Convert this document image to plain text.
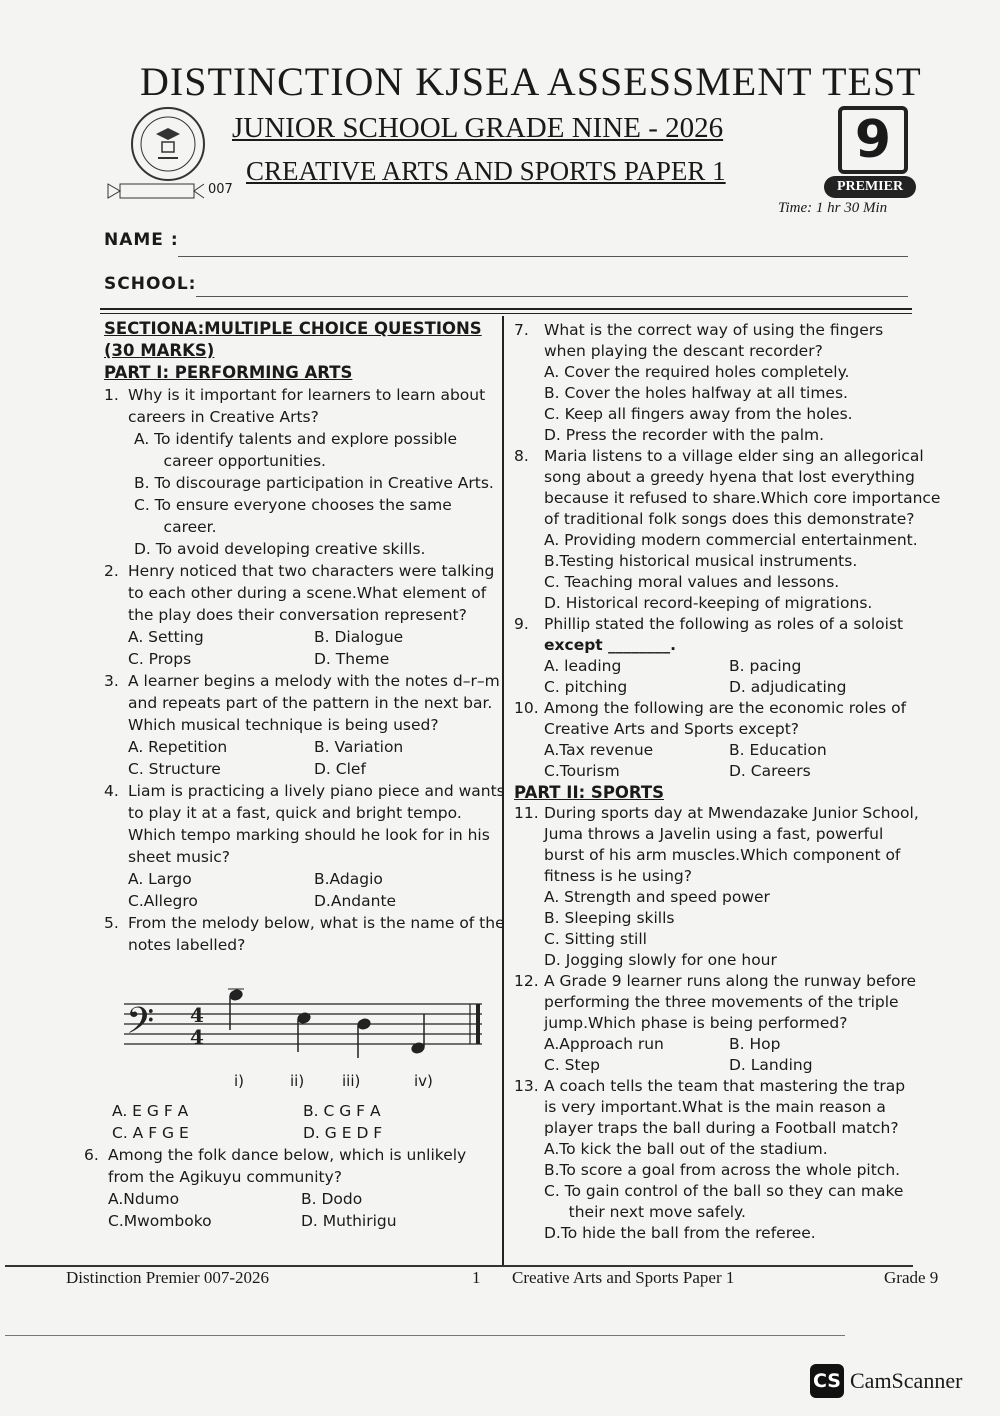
DISTINCTION KJSEA ASSESSMENT TEST
JUNIOR SCHOOL GRADE NINE - 2026
CREATIVE ARTS AND SPORTS PAPER 1
9
PREMIER
Time: 1 hr 30 Min
007
NAME :
SCHOOL:
SECTIONA:MULTIPLE CHOICE QUESTIONS
(30 MARKS)
PART I: PERFORMING ARTS
1. Why is it important for learners to learn about
careers in Creative Arts?
A. To identify talents and explore possible
career opportunities.
B. To discourage participation in Creative Arts.
C. To ensure everyone chooses the same
career.
D. To avoid developing creative skills.
2. Henry noticed that two characters were talking
to each other during a scene.What element of
the play does their conversation represent?
A. Setting	B. Dialogue
C. Props	D. Theme
3. A learner begins a melody with the notes d–r–m
and repeats part of the pattern in the next bar.
Which musical technique is being used?
A. Repetition	B. Variation
C. Structure	D. Clef
4. Liam is practicing a lively piano piece and wants
to play it at a fast, quick and bright tempo.
Which tempo marking should he look for in his
sheet music?
A. Largo	B.Adagio
C.Allegro	D.Andante
5. From the melody below, what is the name of the
notes labelled?
𝄢 4
4
i)	ii)	iii)	iv)
A. E G F A	B. C G F A
C. A F G E	D. G E D F
6. Among the folk dance below, which is unlikely
from the Agikuyu community?
A.Ndumo	B. Dodo
C.Mwomboko	D. Muthirigu
7. What is the correct way of using the fingers
when playing the descant recorder?
A. Cover the required holes completely.
B. Cover the holes halfway at all times.
C. Keep all fingers away from the holes.
D. Press the recorder with the palm.
8. Maria listens to a village elder sing an allegorical
song about a greedy hyena that lost everything
because it refused to share.Which core importance
of traditional folk songs does this demonstrate?
A. Providing modern commercial entertainment.
B.Testing historical musical instruments.
C. Teaching moral values and lessons.
D. Historical record-keeping of migrations.
9. Phillip stated the following as roles of a soloist
except ________.
A. leading	B. pacing
C. pitching	D. adjudicating
10. Among the following are the economic roles of
Creative Arts and Sports except?
A.Tax revenue	B. Education
C.Tourism	D. Careers
PART II: SPORTS
11. During sports day at Mwendazake Junior School,
Juma throws a Javelin using a fast, powerful
burst of his arm muscles.Which component of
fitness is he using?
A. Strength and speed power
B. Sleeping skills
C. Sitting still
D. Jogging slowly for one hour
12. A Grade 9 learner runs along the runway before
performing the three movements of the triple
jump.Which phase is being performed?
A.Approach run	B. Hop
C. Step	D. Landing
13. A coach tells the team that mastering the trap
is very important.What is the main reason a
player traps the ball during a Football match?
A.To kick the ball out of the stadium.
B.To score a goal from across the whole pitch.
C. To gain control of the ball so they can make
their next move safely.
D.To hide the ball from the referee.
Distinction Premier 007-2026	1 Creative Arts and Sports Paper 1	Grade 9
CS CamScanner
